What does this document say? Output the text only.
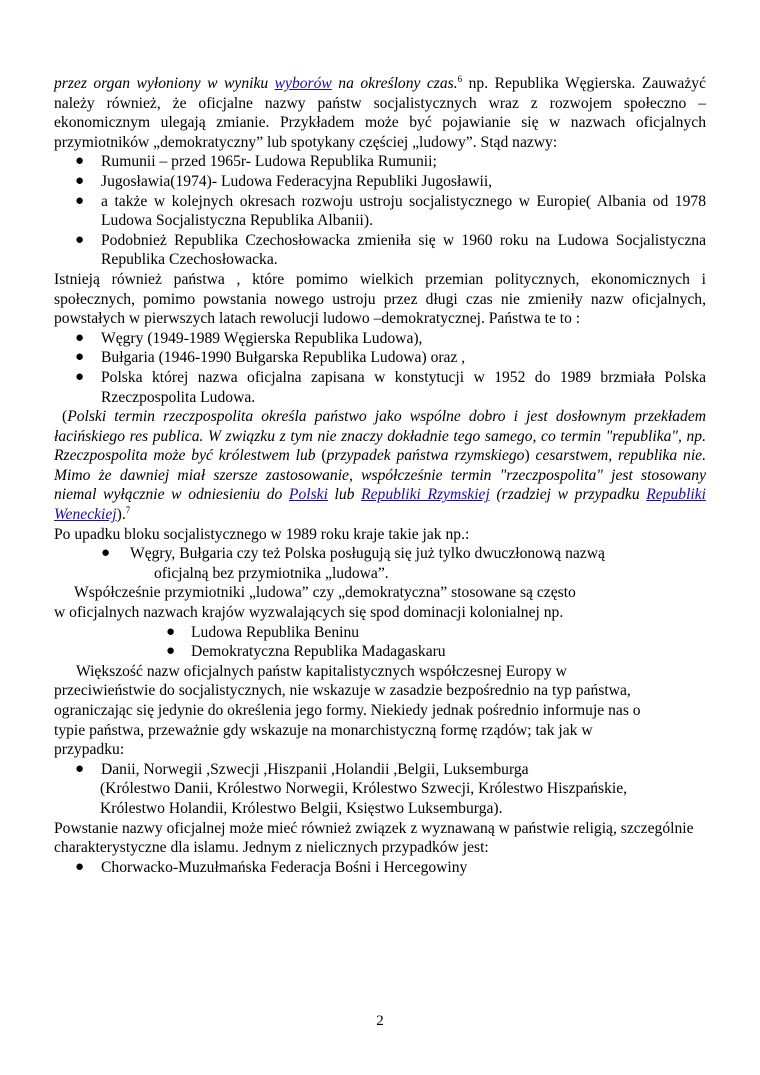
przez organ wyłoniony w wyniku wyborów na określony czas.$^6$ np. Republika Węgierska. Zauważyć należy również, że oficjalne nazwy państw socjalistycznych wraz z rozwojem społeczno –ekonomicznym ulegają zmianie. Przykładem może być pojawianie się w nazwach oficjalnych przymiotników „demokratyczny” lub spotykany częściej „ludowy”. Stąd nazwy:

● Rumunii – przed 1965r- Ludowa Republika Rumunii;
● Jugosławia(1974)- Ludowa Federacyjna Republiki Jugosławii,
● a także w kolejnych okresach rozwoju ustroju socjalistycznego w Europie( Albania od 1978 Ludowa Socjalistyczna Republika Albanii).
● Podobnież Republika Czechosłowacka zmieniła się w 1960 roku na Ludowa Socjalistyczna Republika Czechosłowacka.

Istnieją również państwa , które pomimo wielkich przemian politycznych, ekonomicznych i społecznych, pomimo powstania nowego ustroju przez długi czas nie zmieniły nazw oficjalnych, powstałych w pierwszych latach rewolucji ludowo –demokratycznej. Państwa te to :

● Węgry (1949-1989 Węgierska Republika Ludowa),
● Bułgaria (1946-1990 Bułgarska Republika Ludowa) oraz ,
● Polska której nazwa oficjalna zapisana w konstytucji w 1952 do 1989 brzmiała Polska Rzeczpospolita Ludowa.

(Polski termin rzeczpospolita określa państwo jako wspólne dobro i jest dosłownym przekładem łacińskiego res publica. W związku z tym nie znaczy dokładnie tego samego, co termin "republika", np. Rzeczpospolita może być królestwem lub (przypadek państwa rzymskiego) cesarstwem, republika nie. Mimo że dawniej miał szersze zastosowanie, współcześnie termin "rzeczpospolita" jest stosowany niemal wyłącznie w odniesieniu do Polski lub Republiki Rzymskiej (rzadziej w przypadku Republiki Weneckiej).$^7$

Po upadku bloku socjalistycznego w 1989 roku kraje takie jak np.:

● Węgry, Bułgaria czy też Polska posługują się już tylko dwuczłonową nazwą

oficjalną bez przymiotnika „ludowa”.

Współcześnie przymiotniki „ludowa” czy „demokratyczna” stosowane są często

w oficjalnych nazwach krajów wyzwalających się spod dominacji kolonialnej np.

● Ludowa Republika Beninu
● Demokratyczna Republika Madagaskaru

Większość nazw oficjalnych państw kapitalistycznych współczesnej Europy w przeciwieństwie do socjalistycznych, nie wskazuje w zasadzie bezpośrednio na typ państwa, ograniczając się jedynie do określenia jego formy. Niekiedy jednak pośrednio informuje nas o typie państwa, przeważnie gdy wskazuje na monarchistyczną formę rządów; tak jak w przypadku:

● Danii, Norwegii ,Szwecji ,Hiszpanii ,Holandii ,Belgii, Luksemburga

(Królestwo Danii, Królestwo Norwegii, Królestwo Szwecji, Królestwo Hiszpańskie, Królestwo Holandii, Królestwo Belgii, Księstwo Luksemburga).

Powstanie nazwy oficjalnej może mieć również związek z wyznawaną w państwie religią, szczególnie charakterystyczne dla islamu. Jednym z nielicznych przypadków jest:

● Chorwacko-Muzułmańska Federacja Bośni i Hercegowiny
2
